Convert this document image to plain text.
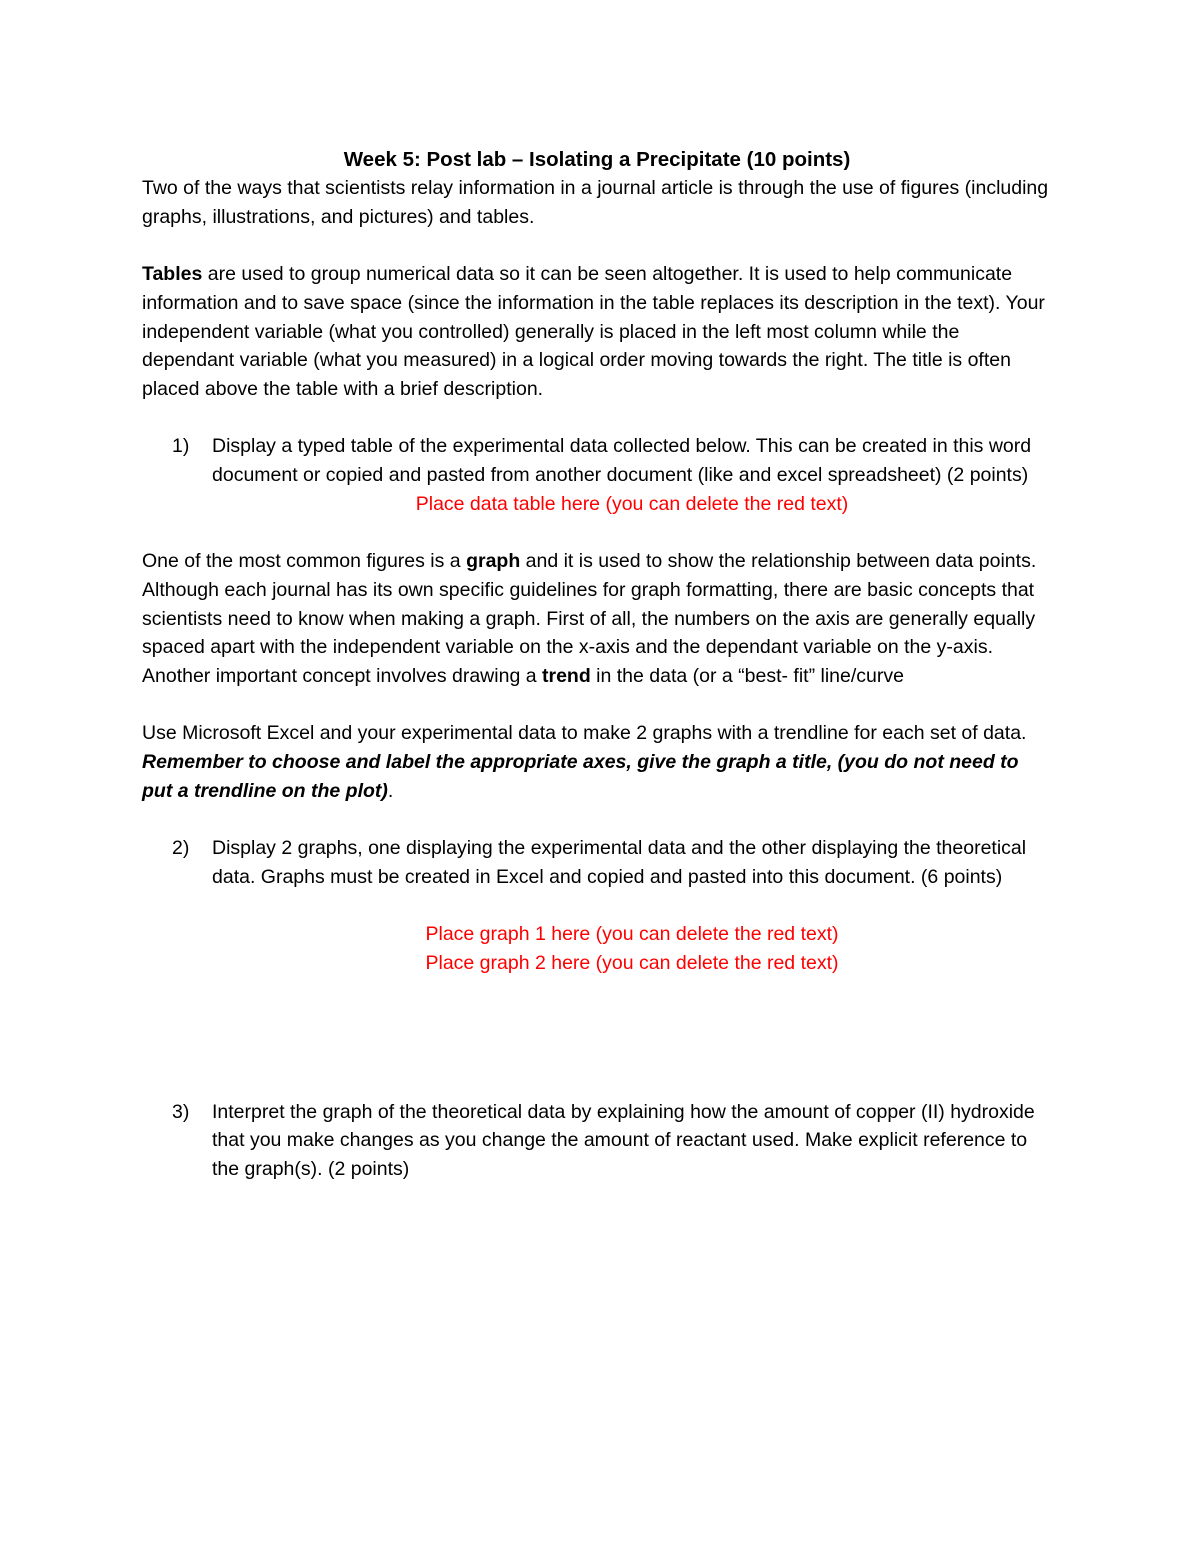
Week 5: Post lab – Isolating a Precipitate (10 points)

Two of the ways that scientists relay information in a journal article is through the use of figures (including graphs, illustrations, and pictures) and tables.

Tables are used to group numerical data so it can be seen altogether. It is used to help communicate information and to save space (since the information in the table replaces its description in the text). Your independent variable (what you controlled) generally is placed in the left most column while the dependant variable (what you measured) in a logical order moving towards the right. The title is often placed above the table with a brief description.

1) Display a typed table of the experimental data collected below. This can be created in this word document or copied and pasted from another document (like and excel spreadsheet) (2 points)

Place data table here (you can delete the red text)

One of the most common figures is a graph and it is used to show the relationship between data points. Although each journal has its own specific guidelines for graph formatting, there are basic concepts that scientists need to know when making a graph. First of all, the numbers on the axis are generally equally spaced apart with the independent variable on the x-axis and the dependant variable on the y-axis. Another important concept involves drawing a trend in the data (or a “best- fit” line/curve

Use Microsoft Excel and your experimental data to make 2 graphs with a trendline for each set of data. Remember to choose and label the appropriate axes, give the graph a title, (you do not need to put a trendline on the plot).

2) Display 2 graphs, one displaying the experimental data and the other displaying the theoretical data. Graphs must be created in Excel and copied and pasted into this document. (6 points)

Place graph 1 here (you can delete the red text)

Place graph 2 here (you can delete the red text)

3) Interpret the graph of the theoretical data by explaining how the amount of copper (II) hydroxide that you make changes as you change the amount of reactant used. Make explicit reference to the graph(s). (2 points)
